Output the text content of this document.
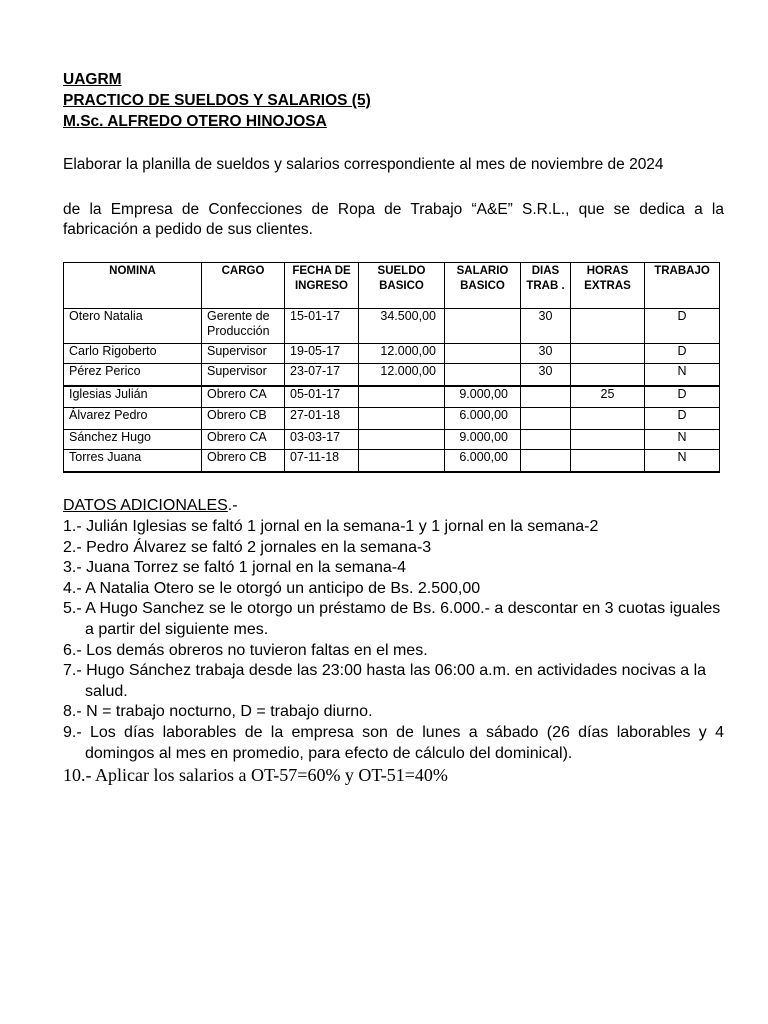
UAGRM
PRACTICO DE SUELDOS Y SALARIOS (5)
M.Sc. ALFREDO OTERO HINOJOSA
Elaborar la planilla de sueldos y salarios correspondiente al mes de noviembre de 2024
de la Empresa de Confecciones de Ropa de Trabajo “A&E” S.R.L., que se dedica a la fabricación a pedido de sus clientes.
NOMINA	CARGO	FECHA DE INGRESO	SUELDO BASICO	SALARIO BASICO	DIAS TRAB .	HORAS EXTRAS	TRABAJO
Otero Natalia	Gerente de Producción	15-01-17	34.500,00		30		D
Carlo Rigoberto	Supervisor	19-05-17	12.000,00		30		D
Pérez Perico	Supervisor	23-07-17	12.000,00		30		N
Iglesias Julián	Obrero CA	05-01-17		9.000,00		25	D
Álvarez Pedro	Obrero CB	27-01-18		6.000,00			D
Sánchez Hugo	Obrero CA	03-03-17		9.000,00			N
Torres Juana	Obrero CB	07-11-18		6.000,00			N
DATOS ADICIONALES.-
1.- Julián Iglesias se faltó 1 jornal en la semana-1 y 1 jornal en la semana-2
2.- Pedro Álvarez se faltó 2 jornales en la semana-3
3.- Juana Torrez se faltó 1 jornal en la semana-4
4.- A Natalia Otero se le otorgó un anticipo de Bs. 2.500,00
5.- A Hugo Sanchez se le otorgo un préstamo de Bs. 6.000.- a descontar en 3 cuotas iguales a partir del siguiente mes.
6.- Los demás obreros no tuvieron faltas en el mes.
7.- Hugo Sánchez trabaja desde las 23:00 hasta las 06:00 a.m. en actividades nocivas a la salud.
8.- N = trabajo nocturno, D = trabajo diurno.
9.- Los días laborables de la empresa son de lunes a sábado (26 días laborables y 4 domingos al mes en promedio, para efecto de cálculo del dominical).
10.- Aplicar los salarios a OT-57=60% y OT-51=40%
